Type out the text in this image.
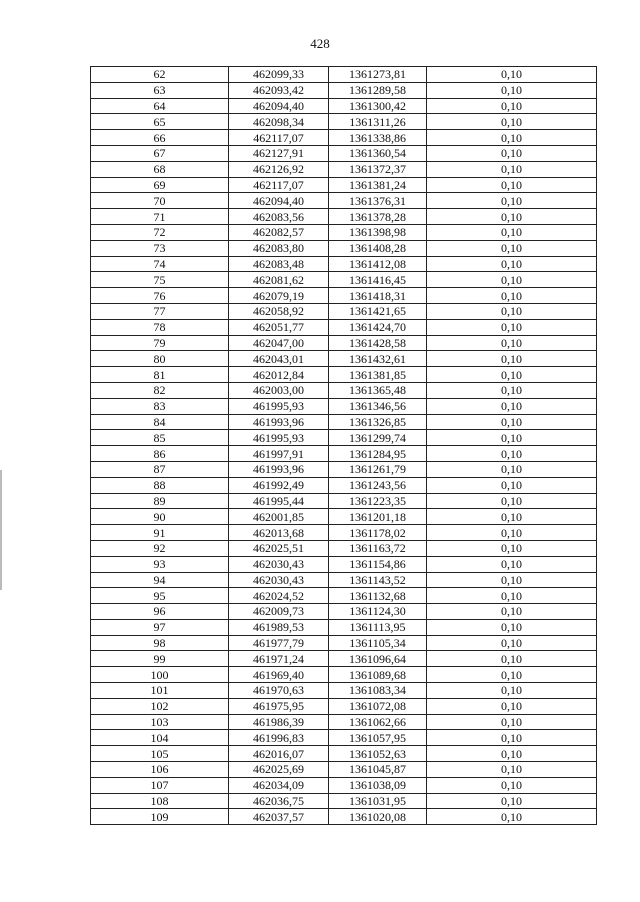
428
62	462099,33	1361273,81	0,10
63	462093,42	1361289,58	0,10
64	462094,40	1361300,42	0,10
65	462098,34	1361311,26	0,10
66	462117,07	1361338,86	0,10
67	462127,91	1361360,54	0,10
68	462126,92	1361372,37	0,10
69	462117,07	1361381,24	0,10
70	462094,40	1361376,31	0,10
71	462083,56	1361378,28	0,10
72	462082,57	1361398,98	0,10
73	462083,80	1361408,28	0,10
74	462083,48	1361412,08	0,10
75	462081,62	1361416,45	0,10
76	462079,19	1361418,31	0,10
77	462058,92	1361421,65	0,10
78	462051,77	1361424,70	0,10
79	462047,00	1361428,58	0,10
80	462043,01	1361432,61	0,10
81	462012,84	1361381,85	0,10
82	462003,00	1361365,48	0,10
83	461995,93	1361346,56	0,10
84	461993,96	1361326,85	0,10
85	461995,93	1361299,74	0,10
86	461997,91	1361284,95	0,10
87	461993,96	1361261,79	0,10
88	461992,49	1361243,56	0,10
89	461995,44	1361223,35	0,10
90	462001,85	1361201,18	0,10
91	462013,68	1361178,02	0,10
92	462025,51	1361163,72	0,10
93	462030,43	1361154,86	0,10
94	462030,43	1361143,52	0,10
95	462024,52	1361132,68	0,10
96	462009,73	1361124,30	0,10
97	461989,53	1361113,95	0,10
98	461977,79	1361105,34	0,10
99	461971,24	1361096,64	0,10
100	461969,40	1361089,68	0,10
101	461970,63	1361083,34	0,10
102	461975,95	1361072,08	0,10
103	461986,39	1361062,66	0,10
104	461996,83	1361057,95	0,10
105	462016,07	1361052,63	0,10
106	462025,69	1361045,87	0,10
107	462034,09	1361038,09	0,10
108	462036,75	1361031,95	0,10
109	462037,57	1361020,08	0,10
